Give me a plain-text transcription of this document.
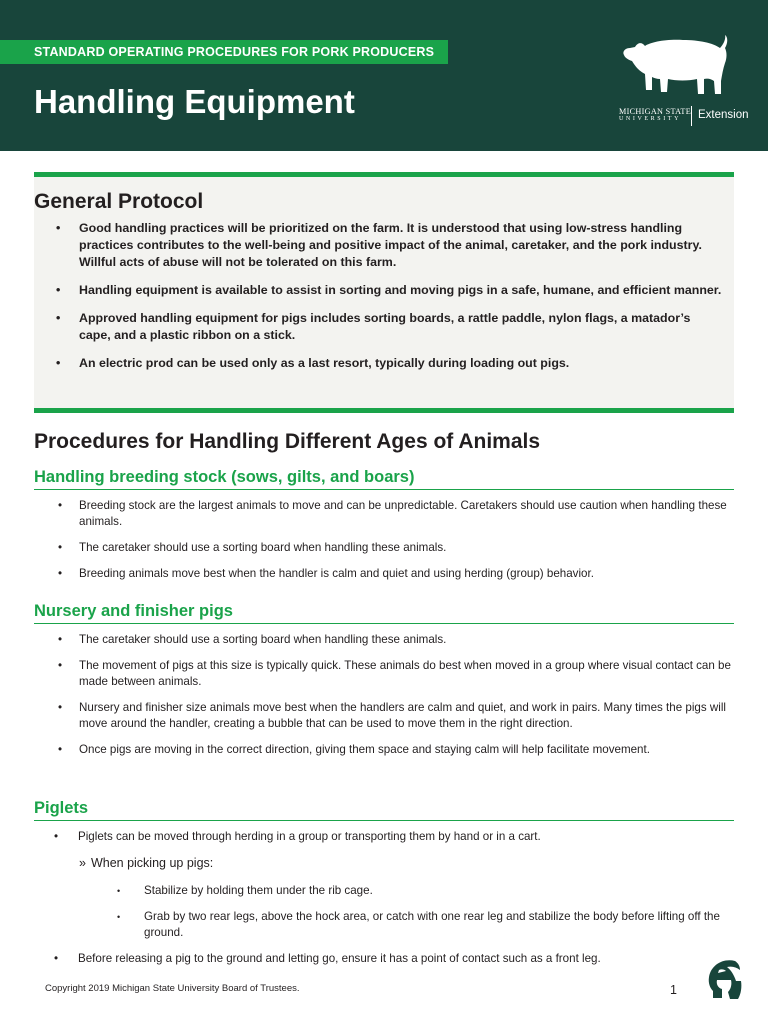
STANDARD OPERATING PROCEDURES FOR PORK PRODUCERS
Handling Equipment	MICHIGAN STATE
UNIVERSITY	Extension
General Protocol
• Good handling practices will be prioritized on the farm. It is understood that using low-stress handling practices contributes to the well-being and positive impact of the animal, caretaker, and the pork industry. Willful acts of abuse will not be tolerated on this farm.
• Handling equipment is available to assist in sorting and moving pigs in a safe, humane, and efficient manner.
• Approved handling equipment for pigs includes sorting boards, a rattle paddle, nylon flags, a matador’s cape, and a plastic ribbon on a stick.
• An electric prod can be used only as a last resort, typically during loading out pigs.
Procedures for Handling Different Ages of Animals
Handling breeding stock (sows, gilts, and boars)
• Breeding stock are the largest animals to move and can be unpredictable. Caretakers should use caution when handling these animals.
• The caretaker should use a sorting board when handling these animals.
• Breeding animals move best when the handler is calm and quiet and using herding (group) behavior.
Nursery and finisher pigs
• The caretaker should use a sorting board when handling these animals.
• The movement of pigs at this size is typically quick. These animals do best when moved in a group where visual contact can be made between animals.
• Nursery and finisher size animals move best when the handlers are calm and quiet, and work in pairs. Many times the pigs will move around the handler, creating a bubble that can be used to move them in the right direction.
• Once pigs are moving in the correct direction, giving them space and staying calm will help facilitate movement.
Piglets
• Piglets can be moved through herding in a group or transporting them by hand or in a cart.
» When picking up pigs:
• Stabilize by holding them under the rib cage.
• Grab by two rear legs, above the hock area, or catch with one rear leg and stabilize the body before lifting off the ground.
• Before releasing a pig to the ground and letting go, ensure it has a point of contact such as a front leg.
Copyright 2019 Michigan State University Board of Trustees.	1
